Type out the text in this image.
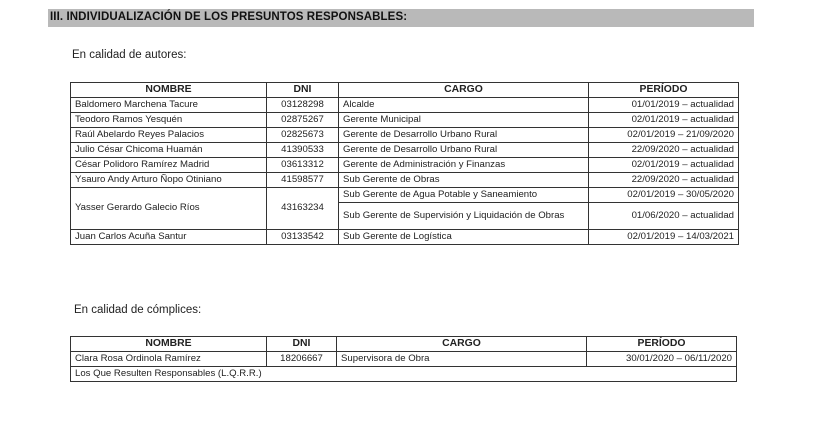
III. INDIVIDUALIZACIÓN DE LOS PRESUNTOS RESPONSABLES:
En calidad de autores:
NOMBRE	DNI	CARGO	PERÍODO
Baldomero Marchena Tacure	03128298	Alcalde	01/01/2019 – actualidad
Teodoro Ramos Yesquén	02875267	Gerente Municipal	02/01/2019 – actualidad
Raúl Abelardo Reyes Palacios	02825673	Gerente de Desarrollo Urbano Rural	02/01/2019 – 21/09/2020
Julio César Chicoma Huamán	41390533	Gerente de Desarrollo Urbano Rural	22/09/2020 – actualidad
César Polidoro Ramírez Madrid	03613312	Gerente de Administración y Finanzas	02/01/2019 – actualidad
Ysauro Andy Arturo Ñopo Otiniano	41598577	Sub Gerente de Obras	22/09/2020 – actualidad
Yasser Gerardo Galecio Ríos	43163234	Sub Gerente de Agua Potable y Saneamiento	02/01/2019 – 30/05/2020
		Sub Gerente de Supervisión y Liquidación de Obras	01/06/2020 – actualidad
Juan Carlos Acuña Santur	03133542	Sub Gerente de Logística	02/01/2019 – 14/03/2021
En calidad de cómplices:
NOMBRE	DNI	CARGO	PERÍODO
Clara Rosa Ordinola Ramírez	18206667	Supervisora de Obra	30/01/2020 – 06/11/2020
Los Que Resulten Responsables (L.Q.R.R.)			
